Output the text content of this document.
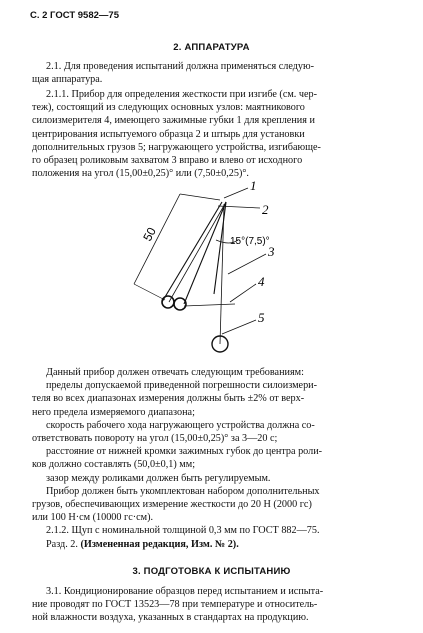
С. 2 ГОСТ 9582—75
2. АППАРАТУРА
2.1. Для проведения испытаний должна применяться следую-
щая аппаратура.
2.1.1. Прибор для определения жесткости при изгибе (см. чер-
теж), состоящий из следующих основных узлов: маятникового
силоизмерителя 4, имеющего зажимные губки 1 для крепления и
центрирования испытуемого образца 2 и штырь для установки
дополнительных грузов 5; нагружающего устройства, изгибающе-
го образец роликовым захватом 3 вправо и влево от исходного
положения на угол (15,00±0,25)° или (7,50±0,25)°.
50	15°(7,5)°
1
2
3
4
5
Данный прибор должен отвечать следующим требованиям:
пределы допускаемой приведенной погрешности силоизмери-
теля во всех диапазонах измерения должны быть ±2% от верх-
него предела измеряемого диапазона;
скорость рабочего хода нагружающего устройства должна со-
ответствовать повороту на угол (15,00±0,25)° за 3—20 с;
расстояние от нижней кромки зажимных губок до центра роли-
ков должно составлять (50,0±0,1) мм;
зазор между роликами должен быть регулируемым.
Прибор должен быть укомплектован набором дополнительных
грузов, обеспечивающих измерение жесткости до 20 Н (2000 гс)
или 100 Н·см (10000 гс·см).
2.1.2. Щуп с номинальной толщиной 0,3 мм по ГОСТ 882—75.
Разд. 2. (Измененная редакция, Изм. № 2).
3. ПОДГОТОВКА К ИСПЫТАНИЮ
3.1. Кондиционирование образцов перед испытанием и испыта-
ние проводят по ГОСТ 13523—78 при температуре и относитель-
ной влажности воздуха, указанных в стандартах на продукцию.
